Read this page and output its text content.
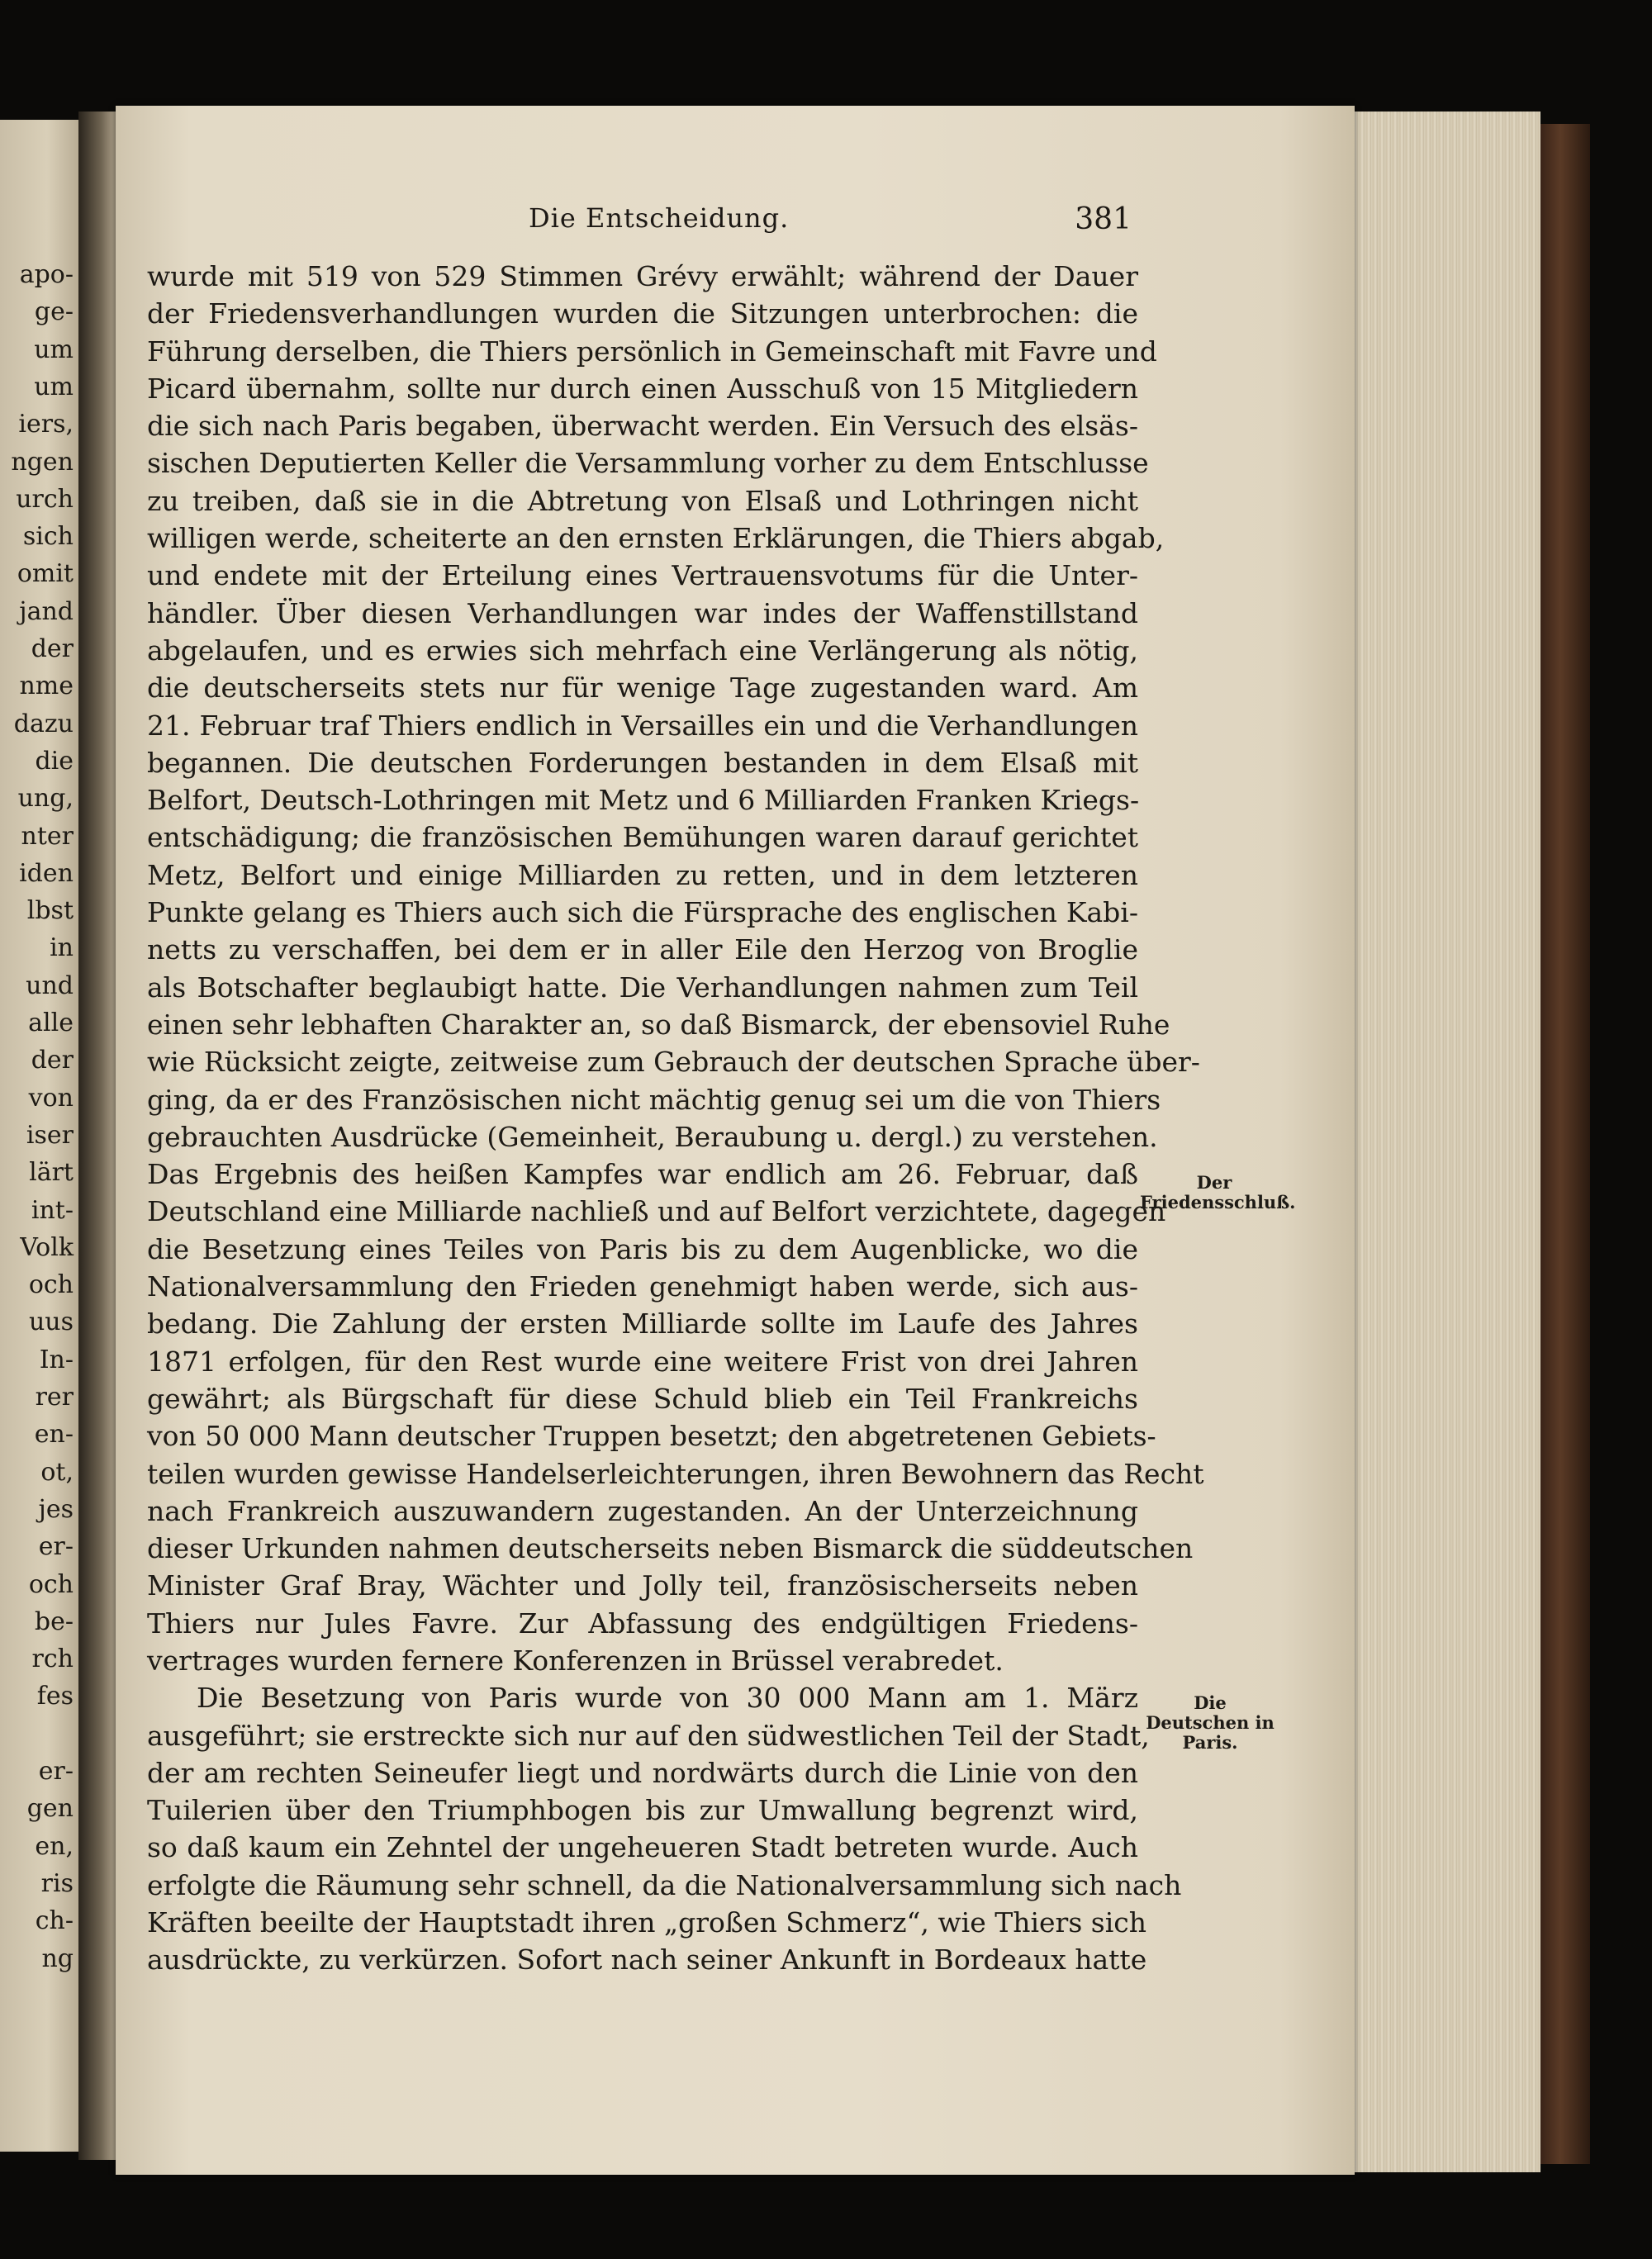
apo-
ge-
um
um
iers,
ngen
urch
sich
omit
jand
der
nme
dazu
die
ung,
nter
iden
lbst
in
und
alle
der
von
iser
lärt
int-
Volk
och
uus
In-
rer
en-
ot,
jes
er-
och
be-
rch
fes
er-
gen
en,
ris
ch-
ng
Die Entscheidung.	381
wurde mit 519 von 529 Stimmen Grévy erwählt; während der Dauer
der Friedensverhandlungen wurden die Sitzungen unterbrochen: die
Führung derselben, die Thiers persönlich in Gemeinschaft mit Favre und
Picard übernahm, sollte nur durch einen Ausschuß von 15 Mitgliedern
die sich nach Paris begaben, überwacht werden. Ein Versuch des elsäs-
sischen Deputierten Keller die Versammlung vorher zu dem Entschlusse
zu treiben, daß sie in die Abtretung von Elsaß und Lothringen nicht
willigen werde, scheiterte an den ernsten Erklärungen, die Thiers abgab,
und endete mit der Erteilung eines Vertrauensvotums für die Unter-
händler. Über diesen Verhandlungen war indes der Waffenstillstand
abgelaufen, und es erwies sich mehrfach eine Verlängerung als nötig,
die deutscherseits stets nur für wenige Tage zugestanden ward. Am
21. Februar traf Thiers endlich in Versailles ein und die Verhandlungen
begannen. Die deutschen Forderungen bestanden in dem Elsaß mit
Belfort, Deutsch-Lothringen mit Metz und 6 Milliarden Franken Kriegs-
entschädigung; die französischen Bemühungen waren darauf gerichtet
Metz, Belfort und einige Milliarden zu retten, und in dem letzteren
Punkte gelang es Thiers auch sich die Fürsprache des englischen Kabi-
netts zu verschaffen, bei dem er in aller Eile den Herzog von Broglie
als Botschafter beglaubigt hatte. Die Verhandlungen nahmen zum Teil
einen sehr lebhaften Charakter an, so daß Bismarck, der ebensoviel Ruhe
wie Rücksicht zeigte, zeitweise zum Gebrauch der deutschen Sprache über-
ging, da er des Französischen nicht mächtig genug sei um die von Thiers
gebrauchten Ausdrücke (Gemeinheit, Beraubung u. dergl.) zu verstehen.
Das Ergebnis des heißen Kampfes war endlich am 26. Februar, daß
Deutschland eine Milliarde nachließ und auf Belfort verzichtete, dagegen
die Besetzung eines Teiles von Paris bis zu dem Augenblicke, wo die
Nationalversammlung den Frieden genehmigt haben werde, sich aus-
bedang. Die Zahlung der ersten Milliarde sollte im Laufe des Jahres
1871 erfolgen, für den Rest wurde eine weitere Frist von drei Jahren
gewährt; als Bürgschaft für diese Schuld blieb ein Teil Frankreichs
von 50 000 Mann deutscher Truppen besetzt; den abgetretenen Gebiets-
teilen wurden gewisse Handelserleichterungen, ihren Bewohnern das Recht
nach Frankreich auszuwandern zugestanden. An der Unterzeichnung
dieser Urkunden nahmen deutscherseits neben Bismarck die süddeutschen
Minister Graf Bray, Wächter und Jolly teil, französischerseits neben
Thiers nur Jules Favre. Zur Abfassung des endgültigen Friedens-
vertrages wurden fernere Konferenzen in Brüssel verabredet.
Die Besetzung von Paris wurde von 30 000 Mann am 1. März
ausgeführt; sie erstreckte sich nur auf den südwestlichen Teil der Stadt,
der am rechten Seineufer liegt und nordwärts durch die Linie von den
Tuilerien über den Triumphbogen bis zur Umwallung begrenzt wird,
so daß kaum ein Zehntel der ungeheueren Stadt betreten wurde. Auch
erfolgte die Räumung sehr schnell, da die Nationalversammlung sich nach
Kräften beeilte der Hauptstadt ihren „großen Schmerz“, wie Thiers sich
ausdrückte, zu verkürzen. Sofort nach seiner Ankunft in Bordeaux hatte
Der Friedensschluß.
Die Deutschen in Paris.
